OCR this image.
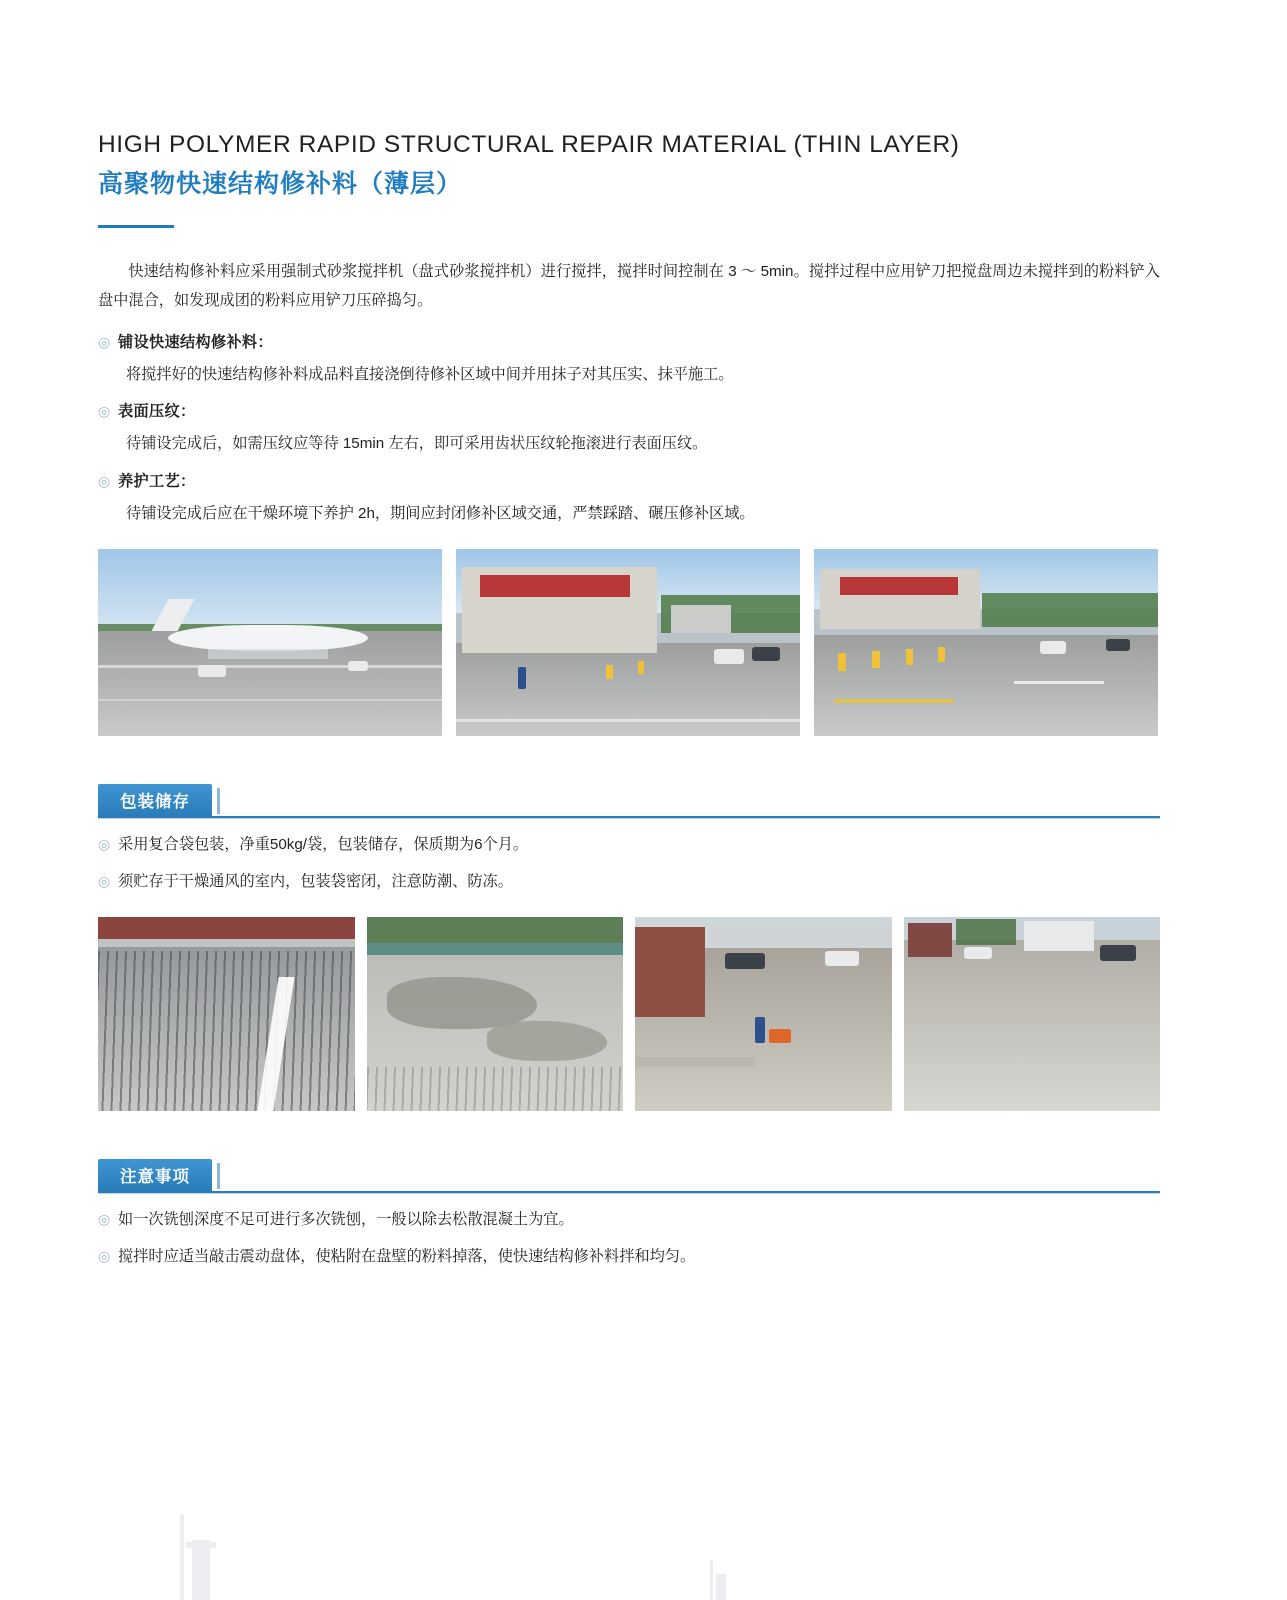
HIGH POLYMER RAPID STRUCTURAL REPAIR MATERIAL (THIN LAYER)
高聚物快速结构修补料（薄层）

快速结构修补料应采用强制式砂浆搅拌机（盘式砂浆搅拌机）进行搅拌，搅拌时间控制在 3 ～ 5min。搅拌过程中应用铲刀把搅盘周边未搅拌到的粉料铲入盘中混合，如发现成团的粉料应用铲刀压碎捣匀。

◎ 铺设快速结构修补料：
将搅拌好的快速结构修补料成品料直接浇倒待修补区域中间并用抹子对其压实、抹平施工。
◎ 表面压纹：
待铺设完成后，如需压纹应等待 15min 左右，即可采用齿状压纹轮拖滚进行表面压纹。
◎ 养护工艺：
待铺设完成后应在干燥环境下养护 2h，期间应封闭修补区域交通，严禁踩踏、碾压修补区域。
包装储存
◎ 采用复合袋包装，净重50kg/袋，包装储存，保质期为6个月。
◎ 须贮存于干燥通风的室内，包装袋密闭，注意防潮、防冻。
注意事项
◎ 如一次铣刨深度不足可进行多次铣刨，一般以除去松散混凝土为宜。
◎ 搅拌时应适当敲击震动盘体，使粘附在盘壁的粉料掉落，使快速结构修补料拌和均匀。
